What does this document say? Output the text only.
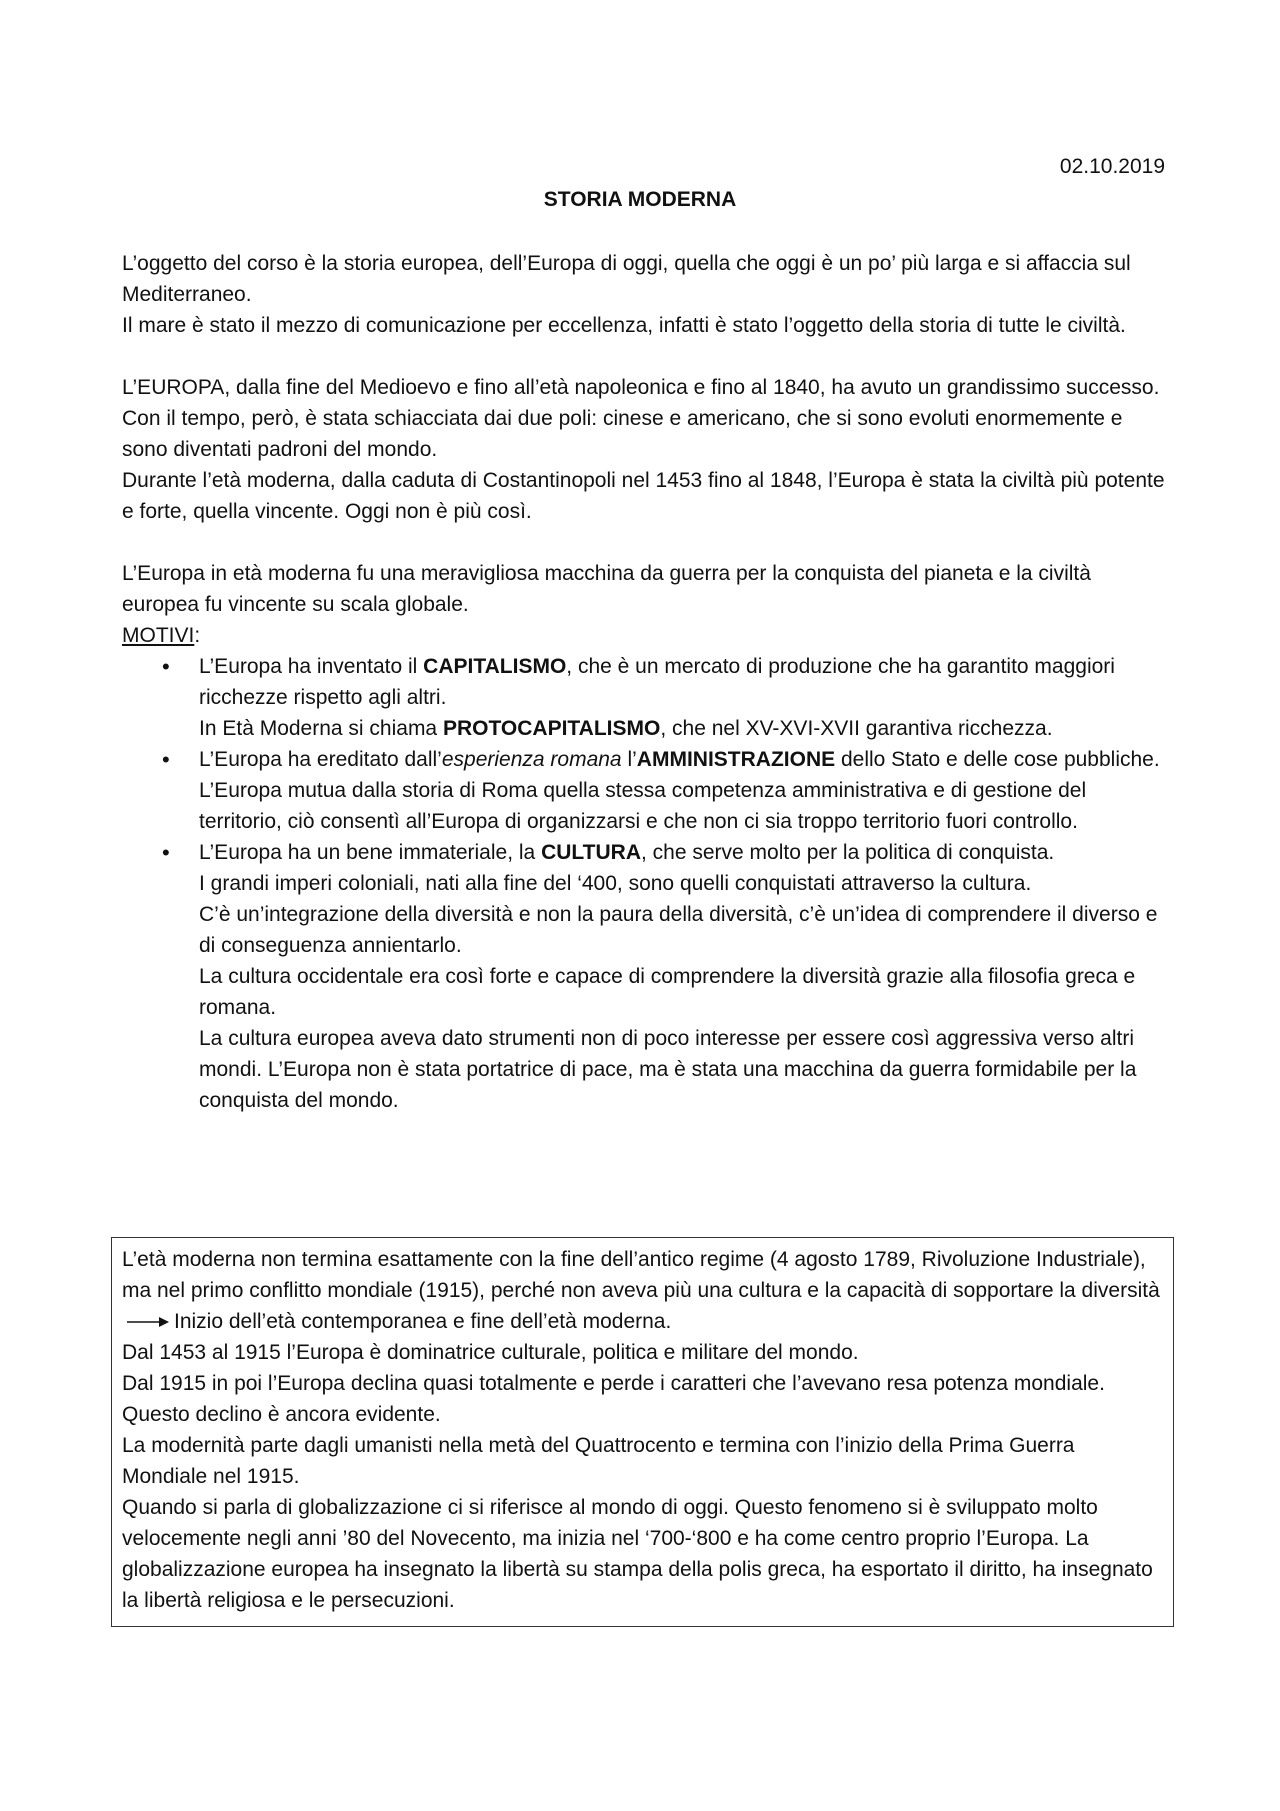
02.10.2019
STORIA MODERNA

L’oggetto del corso è la storia europea, dell’Europa di oggi, quella che oggi è un po’ più larga e si affaccia sul Mediterraneo.

Il mare è stato il mezzo di comunicazione per eccellenza, infatti è stato l’oggetto della storia di tutte le civiltà.

L’EUROPA, dalla fine del Medioevo e fino all’età napoleonica e fino al 1840, ha avuto un grandissimo successo. Con il tempo, però, è stata schiacciata dai due poli: cinese e americano, che si sono evoluti enormemente e sono diventati padroni del mondo.

Durante l’età moderna, dalla caduta di Costantinopoli nel 1453 fino al 1848, l’Europa è stata la civiltà più potente e forte, quella vincente. Oggi non è più così.

L’Europa in età moderna fu una meravigliosa macchina da guerra per la conquista del pianeta e la civiltà europea fu vincente su scala globale.

MOTIVI:

• L’Europa ha inventato il CAPITALISMO, che è un mercato di produzione che ha garantito maggiori ricchezze rispetto agli altri.
In Età Moderna si chiama PROTOCAPITALISMO, che nel XV-XVI-XVII garantiva ricchezza.
• L’Europa ha ereditato dall’esperienza romana l’AMMINISTRAZIONE dello Stato e delle cose pubbliche. L’Europa mutua dalla storia di Roma quella stessa competenza amministrativa e di gestione del territorio, ciò consentì all’Europa di organizzarsi e che non ci sia troppo territorio fuori controllo.
• L’Europa ha un bene immateriale, la CULTURA, che serve molto per la politica di conquista.
I grandi imperi coloniali, nati alla fine del ‘400, sono quelli conquistati attraverso la cultura.
C’è un’integrazione della diversità e non la paura della diversità, c’è un’idea di comprendere il diverso e di conseguenza annientarlo.
La cultura occidentale era così forte e capace di comprendere la diversità grazie alla filosofia greca e romana.
La cultura europea aveva dato strumenti non di poco interesse per essere così aggressiva verso altri mondi. L’Europa non è stata portatrice di pace, ma è stata una macchina da guerra formidabile per la conquista del mondo.
L’età moderna non termina esattamente con la fine dell’antico regime (4 agosto 1789, Rivoluzione Industriale), ma nel primo conflitto mondiale (1915), perché non aveva più una cultura e la capacità di sopportare la diversitàInizio dell’età contemporanea e fine dell’età moderna.
Dal 1453 al 1915 l’Europa è dominatrice culturale, politica e militare del mondo.
Dal 1915 in poi l’Europa declina quasi totalmente e perde i caratteri che l’avevano resa potenza mondiale. Questo declino è ancora evidente.
La modernità parte dagli umanisti nella metà del Quattrocento e termina con l’inizio della Prima Guerra Mondiale nel 1915.
Quando si parla di globalizzazione ci si riferisce al mondo di oggi. Questo fenomeno si è sviluppato molto velocemente negli anni ’80 del Novecento, ma inizia nel ‘700-‘800 e ha come centro proprio l’Europa. La globalizzazione europea ha insegnato la libertà su stampa della polis greca, ha esportato il diritto, ha insegnato la libertà religiosa e le persecuzioni.
